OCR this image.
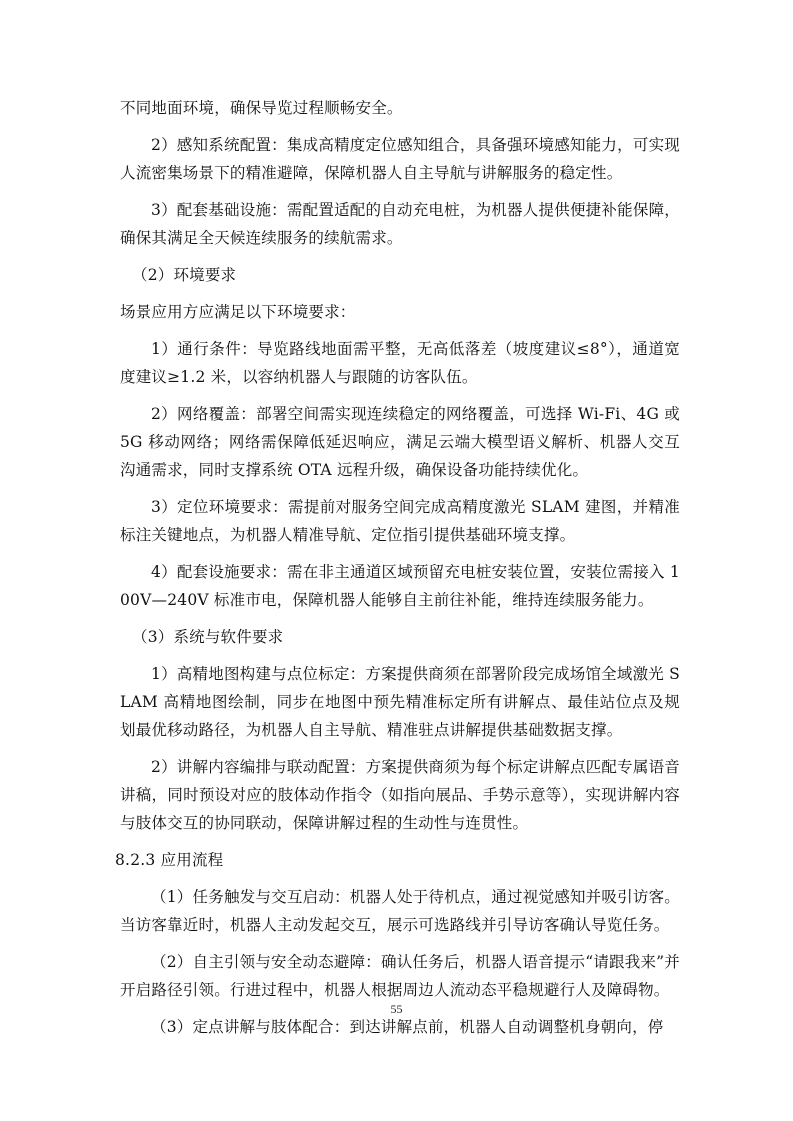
不同地面环境，确保导览过程顺畅安全。

2）感知系统配置：集成高精度定位感知组合，具备强环境感知能力，可实现人流密集场景下的精准避障，保障机器人自主导航与讲解服务的稳定性。

3）配套基础设施：需配置适配的自动充电桩，为机器人提供便捷补能保障，确保其满足全天候连续服务的续航需求。

（2）环境要求

场景应用方应满足以下环境要求：

1）通行条件：导览路线地面需平整，无高低落差（坡度建议≤8°），通道宽度建议≥1.2 米，以容纳机器人与跟随的访客队伍。

2）网络覆盖：部署空间需实现连续稳定的网络覆盖，可选择 Wi-Fi、4G 或 5G 移动网络；网络需保障低延迟响应，满足云端大模型语义解析、机器人交互沟通需求，同时支撑系统 OTA 远程升级，确保设备功能持续优化。

3）定位环境要求：需提前对服务空间完成高精度激光 SLAM 建图，并精准标注关键地点，为机器人精准导航、定位指引提供基础环境支撑。

4）配套设施要求：需在非主通道区域预留充电桩安装位置，安装位需接入 100V—240V 标准市电，保障机器人能够自主前往补能，维持连续服务能力。

（3）系统与软件要求

1）高精地图构建与点位标定：方案提供商须在部署阶段完成场馆全域激光 SLAM 高精地图绘制，同步在地图中预先精准标定所有讲解点、最佳站位点及规划最优移动路径，为机器人自主导航、精准驻点讲解提供基础数据支撑。

2）讲解内容编排与联动配置：方案提供商须为每个标定讲解点匹配专属语音讲稿，同时预设对应的肢体动作指令（如指向展品、手势示意等），实现讲解内容与肢体交互的协同联动，保障讲解过程的生动性与连贯性。

8.2.3 应用流程

（1）任务触发与交互启动：机器人处于待机点，通过视觉感知并吸引访客。当访客靠近时，机器人主动发起交互，展示可选路线并引导访客确认导览任务。

（2）自主引领与安全动态避障：确认任务后，机器人语音提示“请跟我来”并开启路径引领。行进过程中，机器人根据周边人流动态平稳规避行人及障碍物。

（3）定点讲解与肢体配合：到达讲解点前，机器人自动调整机身朝向，停

55
